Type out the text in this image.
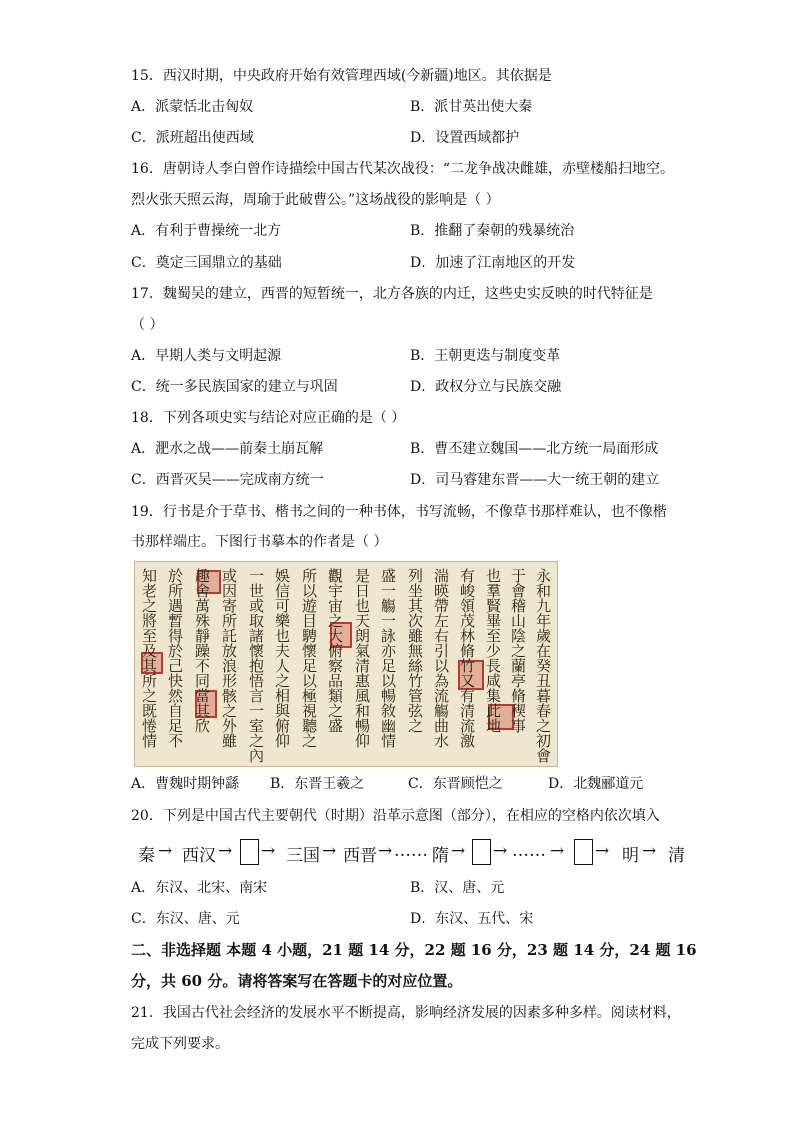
15．西汉时期，中央政府开始有效管理西域(今新疆)地区。其依据是
A．派蒙恬北击匈奴	B．派甘英出使大秦
C．派班超出使西域	D．设置西域都护
16．唐朝诗人李白曾作诗描绘中国古代某次战役：“二龙争战决雌雄，赤壁楼船扫地空。
烈火张天照云海，周瑜于此破曹公。”这场战役的影响是（ ）
A．有利于曹操统一北方	B．推翻了秦朝的残暴统治
C．奠定三国鼎立的基础	D．加速了江南地区的开发
17．魏蜀吴的建立，西晋的短暂统一，北方各族的内迁，这些史实反映的时代特征是
（ ）
A．早期人类与文明起源	B．王朝更迭与制度变革
C．统一多民族国家的建立与巩固	D．政权分立与民族交融
18．下列各项史实与结论对应正确的是（ ）
A．淝水之战——前秦土崩瓦解	B．曹丕建立魏国——北方统一局面形成
C．西晋灭吴——完成南方统一	D．司马睿建东晋——大一统王朝的建立
19．行书是介于草书、楷书之间的一种书体，书写流畅，不像草书那样难认，也不像楷
书那样端庄。下图行书摹本的作者是（ ）
永和九年歲在癸丑暮春之初會
于會稽山陰之蘭亭脩稧事
也羣賢畢至少長咸集此地
有峻領茂林脩竹又有清流激
湍暎帶左右引以為流觴曲水
列坐其次雖無絲竹管弦之
盛一觴一詠亦足以暢敘幽情
是日也天朗氣清惠風和暢仰
觀宇宙之大俯察品類之盛
所以遊目騁懷足以極視聽之
娛信可樂也夫人之相與俯仰
一世或取諸懷抱悟言一室之內
或因寄所託放浪形骸之外雖
趣舍萬殊靜躁不同當其欣
於所遇暫得於己快然自足不
知老之將至及其所之既惓情
A．曹魏时期钟繇 B．东晋王羲之	C．东晋顾恺之	D．北魏郦道元
20．下列是中国古代主要朝代（时期）沿革示意图（部分），在相应的空格内依次填入
秦 → 西汉 → → 三国 → 西晋 → …… 隋 → → …… → → 明 → 清
A．东汉、北宋、南宋	B．汉、唐、元
C．东汉、唐、元	D．东汉、五代、宋
二、非选择题 本题 4 小题，21 题 14 分，22 题 16 分，23 题 14 分，24 题 16
分，共 60 分。请将答案写在答题卡的对应位置。
21．我国古代社会经济的发展水平不断提高，影响经济发展的因素多种多样。阅读材料，
完成下列要求。
